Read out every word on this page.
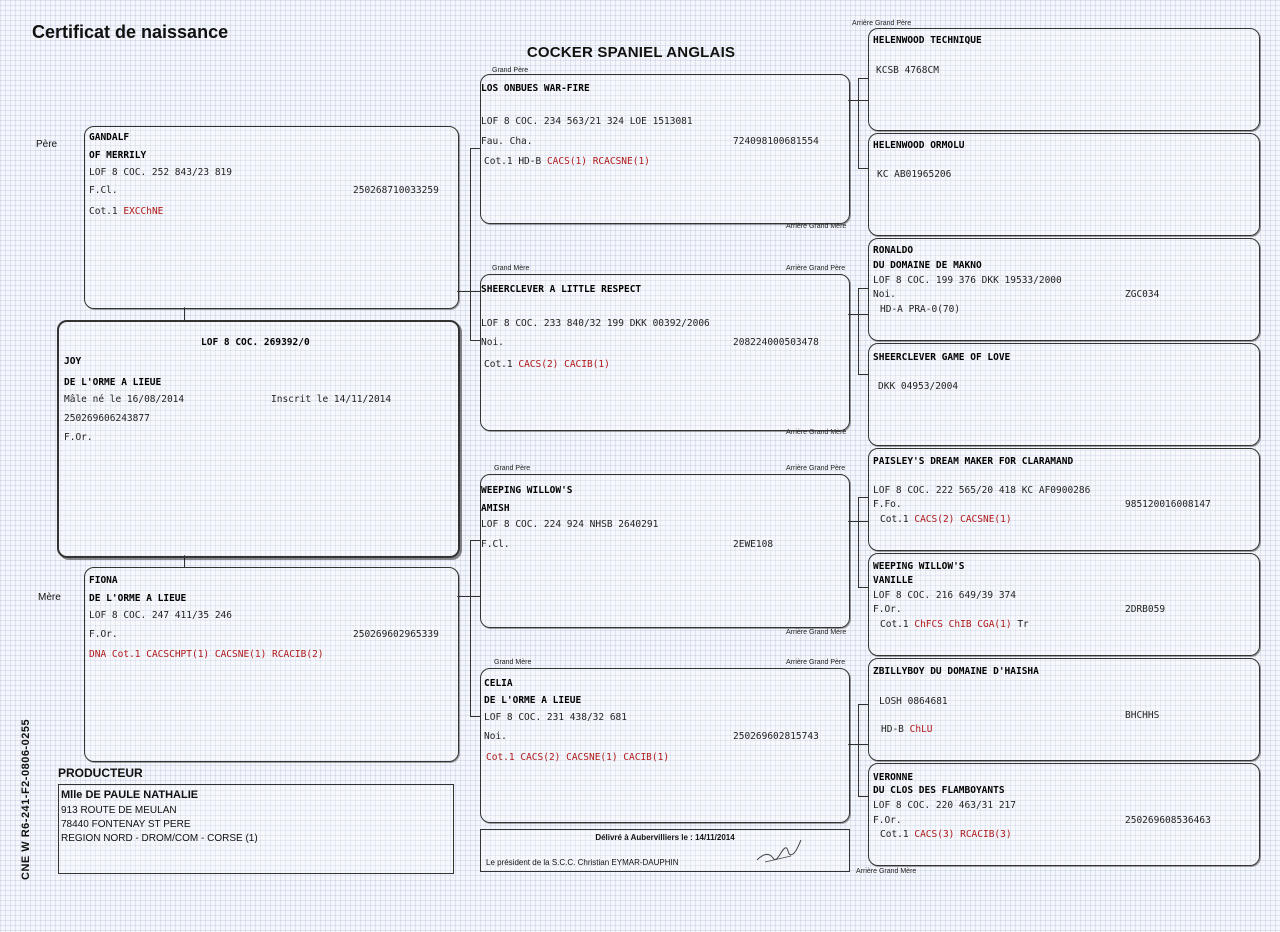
Certificat de naissance
COCKER SPANIEL ANGLAIS
CNE W R6-241-F2-0806-0255
Père
Mère
Arrière Grand Père
Grand Père
Arrière Grand Mère
Grand Mère	Arrière Grand Père
Arrière Grand Mère
Grand Père	Arrière Grand Père
Arrière Grand Mère
Grand Mère	Arrière Grand Père
Arrière Grand Mère
GANDALF
OF MERRILY
LOF 8 COC. 252 843/23 819
F.Cl.	250268710033259
Cot.1 EXCChNE
LOF 8 COC. 269392/0
JOY
DE L'ORME A LIEUE
Mâle né le 16/08/2014	Inscrit le 14/11/2014
250269606243877
F.Or.
FIONA
DE L'ORME A LIEUE
LOF 8 COC. 247 411/35 246
F.Or.	250269602965339
DNA Cot.1 CACSCHPT(1) CACSNE(1) RCACIB(2)
LOS ONBUES WAR-FIRE
LOF 8 COC. 234 563/21 324 LOE 1513081
Fau. Cha.	724098100681554
Cot.1 HD-B CACS(1) RCACSNE(1)
SHEERCLEVER A LITTLE RESPECT
LOF 8 COC. 233 840/32 199 DKK 00392/2006
Noi.	208224000503478
Cot.1 CACS(2) CACIB(1)
WEEPING WILLOW'S
AMISH
LOF 8 COC. 224 924 NHSB 2640291
F.Cl.	2EWE108
CELIA
DE L'ORME A LIEUE
LOF 8 COC. 231 438/32 681
Noi.	250269602815743
Cot.1 CACS(2) CACSNE(1) CACIB(1)
HELENWOOD TECHNIQUE
KCSB 4768CM
HELENWOOD ORMOLU
KC AB01965206
RONALDO
DU DOMAINE DE MAKNO
LOF 8 COC. 199 376 DKK 19533/2000
Noi.	ZGC034
HD-A PRA-0(70)
SHEERCLEVER GAME OF LOVE
DKK 04953/2004
PAISLEY'S DREAM MAKER FOR CLARAMAND
LOF 8 COC. 222 565/20 418 KC AF0900286
F.Fo.	985120016008147
Cot.1 CACS(2) CACSNE(1)
WEEPING WILLOW'S
VANILLE
LOF 8 COC. 216 649/39 374
F.Or.	2DRB059
Cot.1 ChFCS ChIB CGA(1) Tr
ZBILLYBOY DU DOMAINE D'HAISHA
LOSH 0864681
BHCHHS
HD-B ChLU
VERONNE
DU CLOS DES FLAMBOYANTS
LOF 8 COC. 220 463/31 217
F.Or.	250269608536463
Cot.1 CACS(3) RCACIB(3)
PRODUCTEUR
Mlle DE PAULE NATHALIE
913 ROUTE DE MEULAN
78440 FONTENAY ST PERE
REGION NORD - DROM/COM - CORSE (1)	Délivré à Aubervilliers le : 14/11/2014
Le président de la S.C.C. Christian EYMAR-DAUPHIN
